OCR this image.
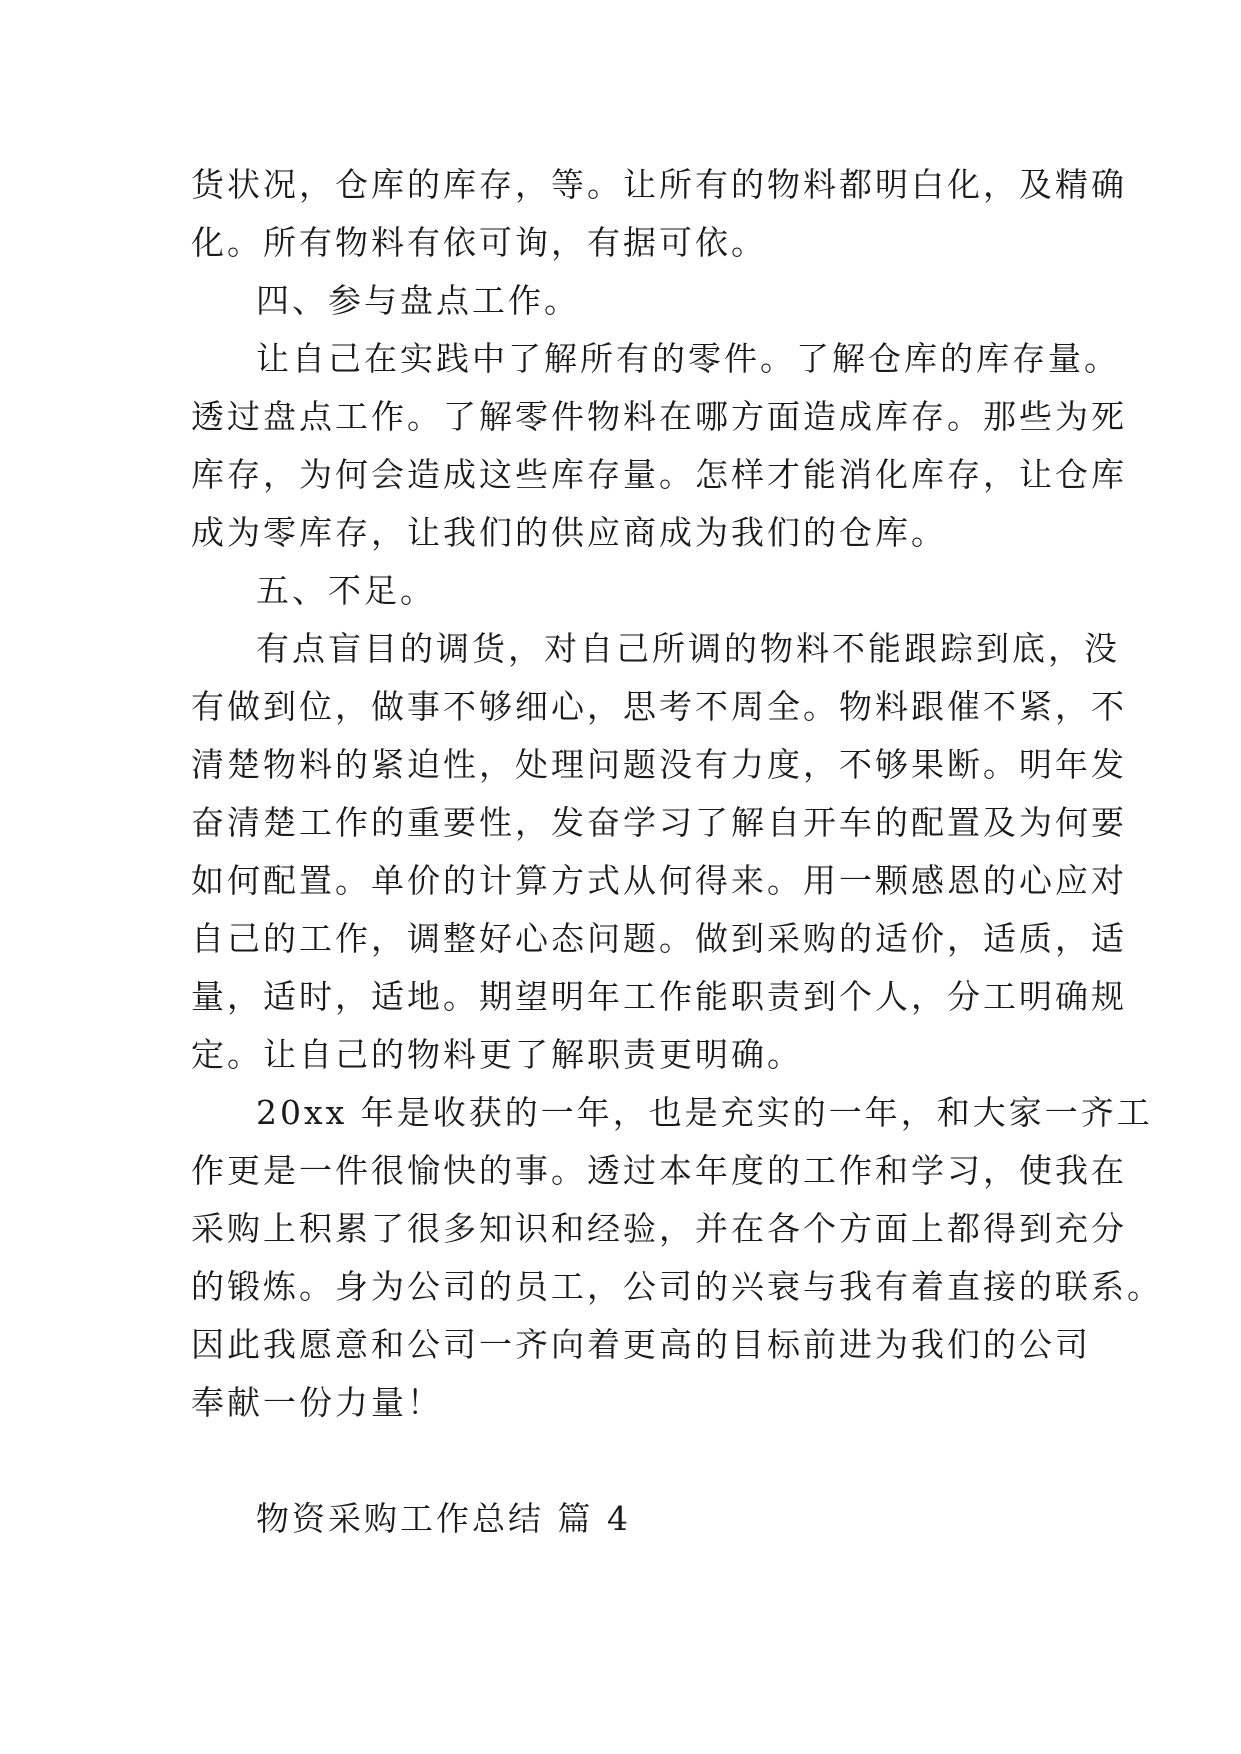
货状况，仓库的库存，等。让所有的物料都明白化，及精确
化。所有物料有依可询，有据可依。
四、参与盘点工作。
让自己在实践中了解所有的零件。了解仓库的库存量。
透过盘点工作。了解零件物料在哪方面造成库存。那些为死
库存，为何会造成这些库存量。怎样才能消化库存，让仓库
成为零库存，让我们的供应商成为我们的仓库。
五、不足。
有点盲目的调货，对自己所调的物料不能跟踪到底，没
有做到位，做事不够细心，思考不周全。物料跟催不紧，不
清楚物料的紧迫性，处理问题没有力度，不够果断。明年发
奋清楚工作的重要性，发奋学习了解自开车的配置及为何要
如何配置。单价的计算方式从何得来。用一颗感恩的心应对
自己的工作，调整好心态问题。做到采购的适价，适质，适
量，适时，适地。期望明年工作能职责到个人，分工明确规
定。让自己的物料更了解职责更明确。
20xx 年是收获的一年，也是充实的一年，和大家一齐工
作更是一件很愉快的事。透过本年度的工作和学习，使我在
采购上积累了很多知识和经验，并在各个方面上都得到充分
的锻炼。身为公司的员工，公司的兴衰与我有着直接的联系。
因此我愿意和公司一齐向着更高的目标前进为我们的公司
奉献一份力量！
物资采购工作总结 篇 4
